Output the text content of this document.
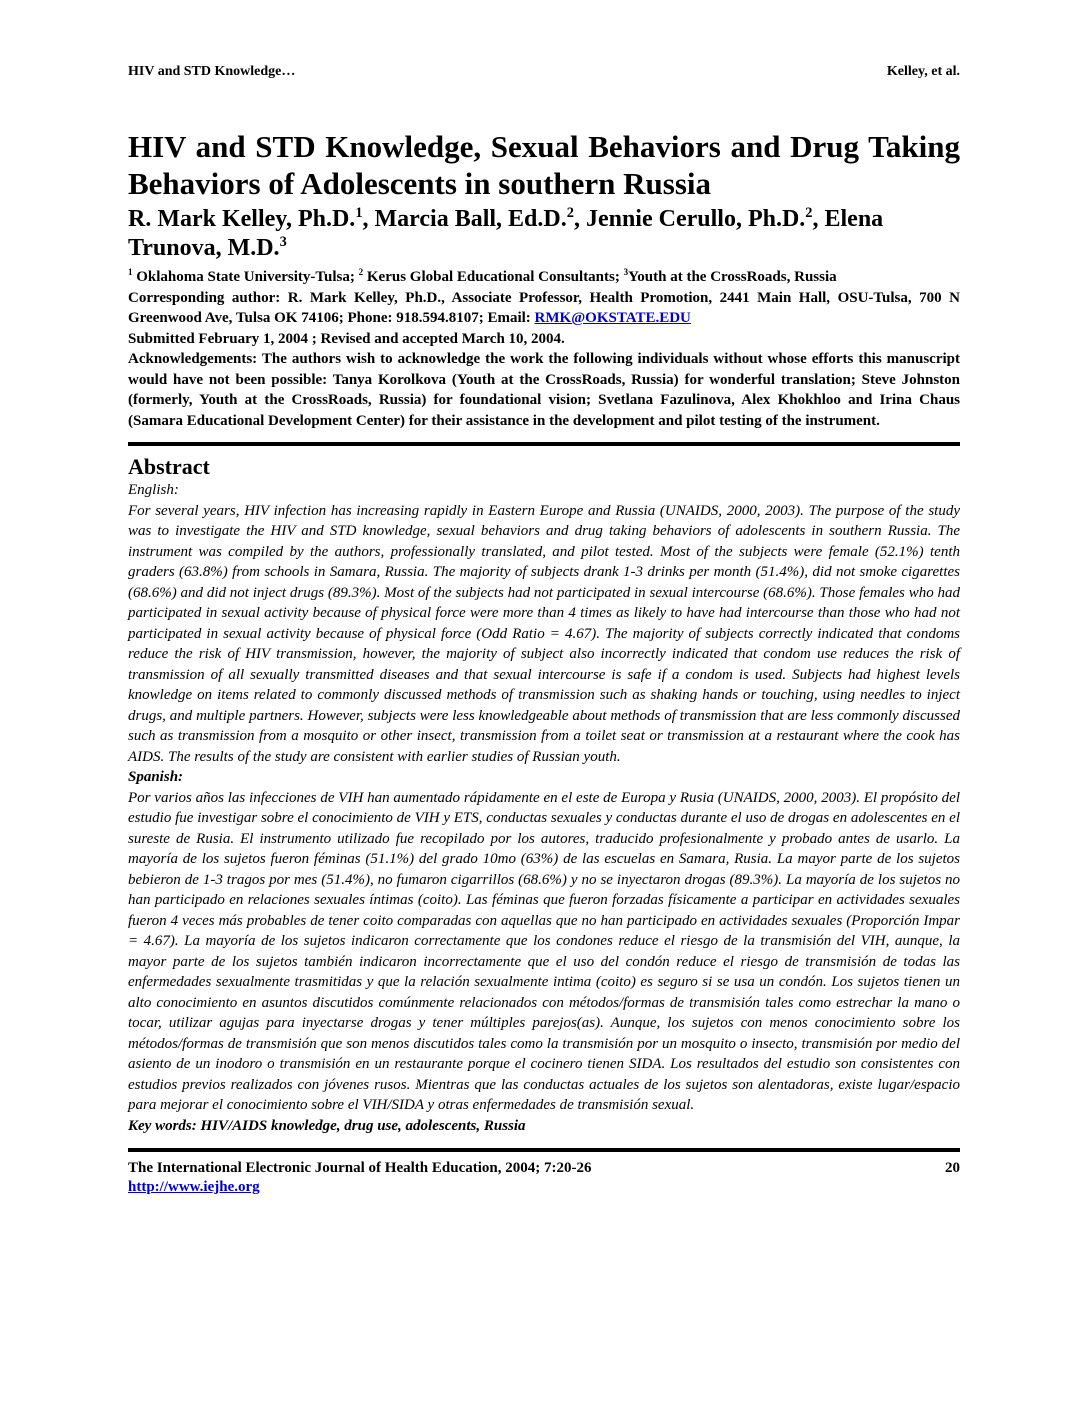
HIV and STD Knowledge…	Kelley, et al.
HIV and STD Knowledge, Sexual Behaviors and Drug Taking Behaviors of Adolescents in southern Russia
R. Mark Kelley, Ph.D.$^1$, Marcia Ball, Ed.D.$^2$, Jennie Cerullo, Ph.D.$^2$, Elena Trunova, M.D.$^3$

$^1$ Oklahoma State University-Tulsa; $^2$ Kerus Global Educational Consultants; $^3$Youth at the CrossRoads, Russia

Corresponding author: R. Mark Kelley, Ph.D., Associate Professor, Health Promotion, 2441 Main Hall, OSU-Tulsa, 700 N Greenwood Ave, Tulsa OK 74106; Phone: 918.594.8107; Email: RMK@OKSTATE.EDU

Submitted February 1, 2004 ; Revised and accepted March 10, 2004.

Acknowledgements: The authors wish to acknowledge the work the following individuals without whose efforts this manuscript would have not been possible: Tanya Korolkova (Youth at the CrossRoads, Russia) for wonderful translation; Steve Johnston (formerly, Youth at the CrossRoads, Russia) for foundational vision; Svetlana Fazulinova, Alex Khokhloo and Irina Chaus (Samara Educational Development Center) for their assistance in the development and pilot testing of the instrument.

Abstract

English:

For several years, HIV infection has increasing rapidly in Eastern Europe and Russia (UNAIDS, 2000, 2003). The purpose of the study was to investigate the HIV and STD knowledge, sexual behaviors and drug taking behaviors of adolescents in southern Russia. The instrument was compiled by the authors, professionally translated, and pilot tested. Most of the subjects were female (52.1%) tenth graders (63.8%) from schools in Samara, Russia. The majority of subjects drank 1-3 drinks per month (51.4%), did not smoke cigarettes (68.6%) and did not inject drugs (89.3%). Most of the subjects had not participated in sexual intercourse (68.6%). Those females who had participated in sexual activity because of physical force were more than 4 times as likely to have had intercourse than those who had not participated in sexual activity because of physical force (Odd Ratio = 4.67). The majority of subjects correctly indicated that condoms reduce the risk of HIV transmission, however, the majority of subject also incorrectly indicated that condom use reduces the risk of transmission of all sexually transmitted diseases and that sexual intercourse is safe if a condom is used. Subjects had highest levels knowledge on items related to commonly discussed methods of transmission such as shaking hands or touching, using needles to inject drugs, and multiple partners. However, subjects were less knowledgeable about methods of transmission that are less commonly discussed such as transmission from a mosquito or other insect, transmission from a toilet seat or transmission at a restaurant where the cook has AIDS. The results of the study are consistent with earlier studies of Russian youth.

Spanish:

Por varios años las infecciones de VIH han aumentado rápidamente en el este de Europa y Rusia (UNAIDS, 2000, 2003). El propósito del estudio fue investigar sobre el conocimiento de VIH y ETS, conductas sexuales y conductas durante el uso de drogas en adolescentes en el sureste de Rusia. El instrumento utilizado fue recopilado por los autores, traducido profesionalmente y probado antes de usarlo. La mayoría de los sujetos fueron féminas (51.1%) del grado 10mo (63%) de las escuelas en Samara, Rusia. La mayor parte de los sujetos bebieron de 1-3 tragos por mes (51.4%), no fumaron cigarrillos (68.6%) y no se inyectaron drogas (89.3%). La mayoría de los sujetos no han participado en relaciones sexuales íntimas (coito). Las féminas que fueron forzadas físicamente a participar en actividades sexuales fueron 4 veces más probables de tener coito comparadas con aquellas que no han participado en actividades sexuales (Proporción Impar = 4.67). La mayoría de los sujetos indicaron correctamente que los condones reduce el riesgo de la transmisión del VIH, aunque, la mayor parte de los sujetos también indicaron incorrectamente que el uso del condón reduce el riesgo de transmisión de todas las enfermedades sexualmente trasmitidas y que la relación sexualmente intima (coito) es seguro si se usa un condón. Los sujetos tienen un alto conocimiento en asuntos discutidos comúnmente relacionados con métodos/formas de transmisión tales como estrechar la mano o tocar, utilizar agujas para inyectarse drogas y tener múltiples parejos(as). Aunque, los sujetos con menos conocimiento sobre los métodos/formas de transmisión que son menos discutidos tales como la transmisión por un mosquito o insecto, transmisión por medio del asiento de un inodoro o transmisión en un restaurante porque el cocinero tienen SIDA. Los resultados del estudio son consistentes con estudios previos realizados con jóvenes rusos. Mientras que las conductas actuales de los sujetos son alentadoras, existe lugar/espacio para mejorar el conocimiento sobre el VIH/SIDA y otras enfermedades de transmisión sexual.

Key words: HIV/AIDS knowledge, drug use, adolescents, Russia

The International Electronic Journal of Health Education, 2004; 7:20-26	20
http://www.iejhe.org
